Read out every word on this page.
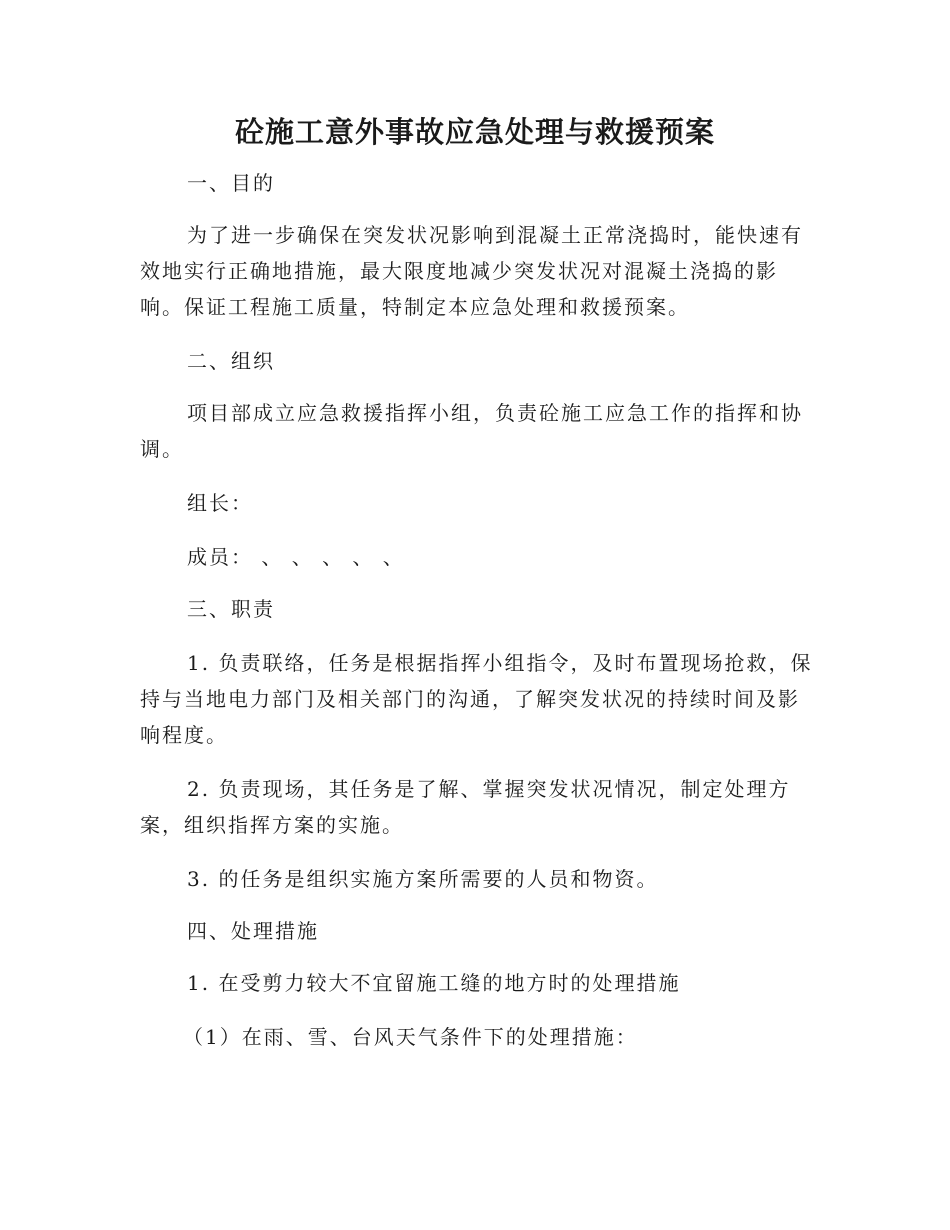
砼施工意外事故应急处理与救援预案
一、目的
为了进一步确保在突发状况影响到混凝土正常浇捣时，能快速有
效地实行正确地措施，最大限度地减少突发状况对混凝土浇捣的影
响。保证工程施工质量，特制定本应急处理和救援预案。
二、组织
项目部成立应急救援指挥小组，负责砼施工应急工作的指挥和协
调。
组长：
成员： 、 、 、 、 、
三、职责
1. 负责联络，任务是根据指挥小组指令，及时布置现场抢救，保
持与当地电力部门及相关部门的沟通，了解突发状况的持续时间及影
响程度。
2. 负责现场，其任务是了解、掌握突发状况情况，制定处理方
案，组织指挥方案的实施。
3. 的任务是组织实施方案所需要的人员和物资。
四、处理措施
1. 在受剪力较大不宜留施工缝的地方时的处理措施
（1）在雨、雪、台风天气条件下的处理措施：
